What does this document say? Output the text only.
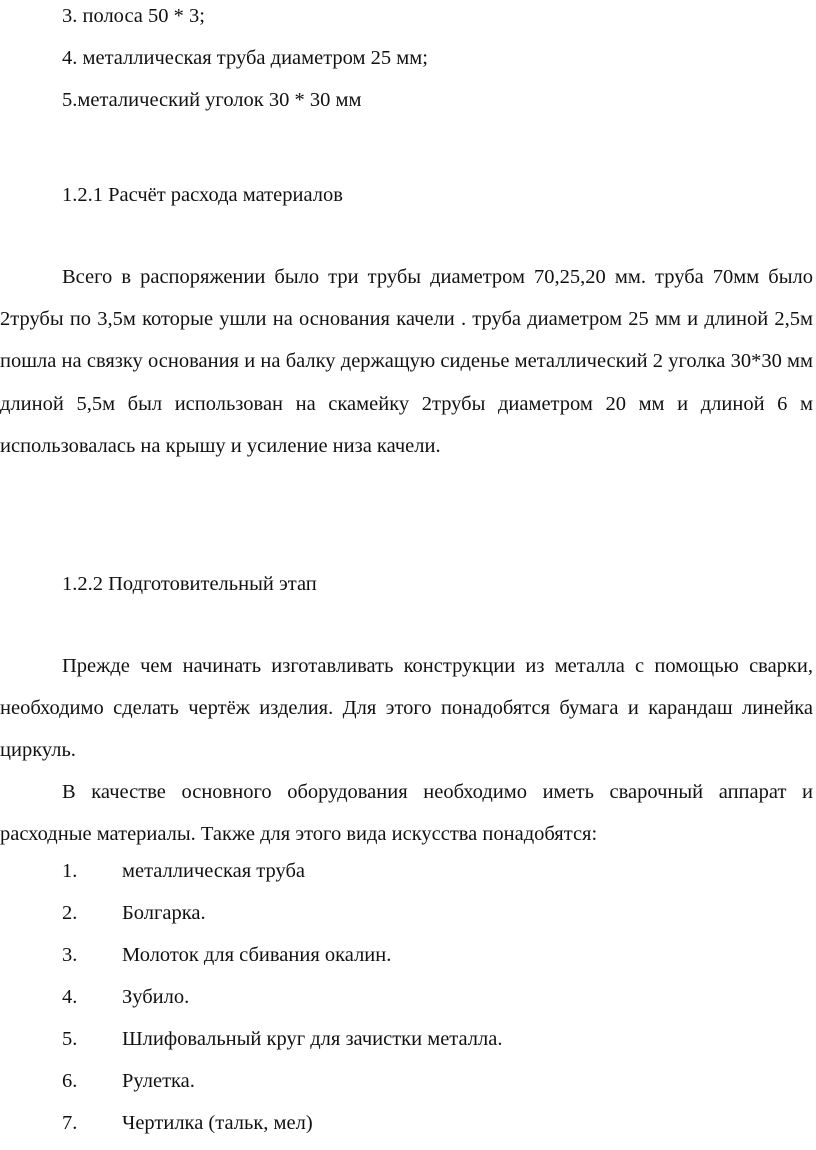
3. полоса 50 * 3;
4. металлическая труба диаметром 25 мм;
5.металический уголок 30 * 30 мм
1.2.1 Расчёт расхода материалов

Всего в распоряжении было три трубы диаметром 70,25,20 мм. труба 70мм было 2трубы по 3,5м которые ушли на основания качели . труба диаметром 25 мм и длиной 2,5м пошла на связку основания и на балку держащую сиденье металлический 2 уголка 30*30 мм длиной 5,5м был использован на скамейку 2трубы диаметром 20 мм и длиной 6 м использовалась на крышу и усиление низа качели.

1.2.2 Подготовительный этап

Прежде чем начинать изготавливать конструкции из металла с помощью сварки, необходимо сделать чертёж изделия. Для этого понадобятся бумага и карандаш линейка циркуль.

В качестве основного оборудования необходимо иметь сварочный аппарат и расходные материалы. Также для этого вида искусства понадобятся:

1. металлическая труба
2. Болгарка.
3. Молоток для сбивания окалин.
4. Зубило.
5. Шлифовальный круг для зачистки металла.
6. Рулетка.
7. Чертилка (тальк, мел)
